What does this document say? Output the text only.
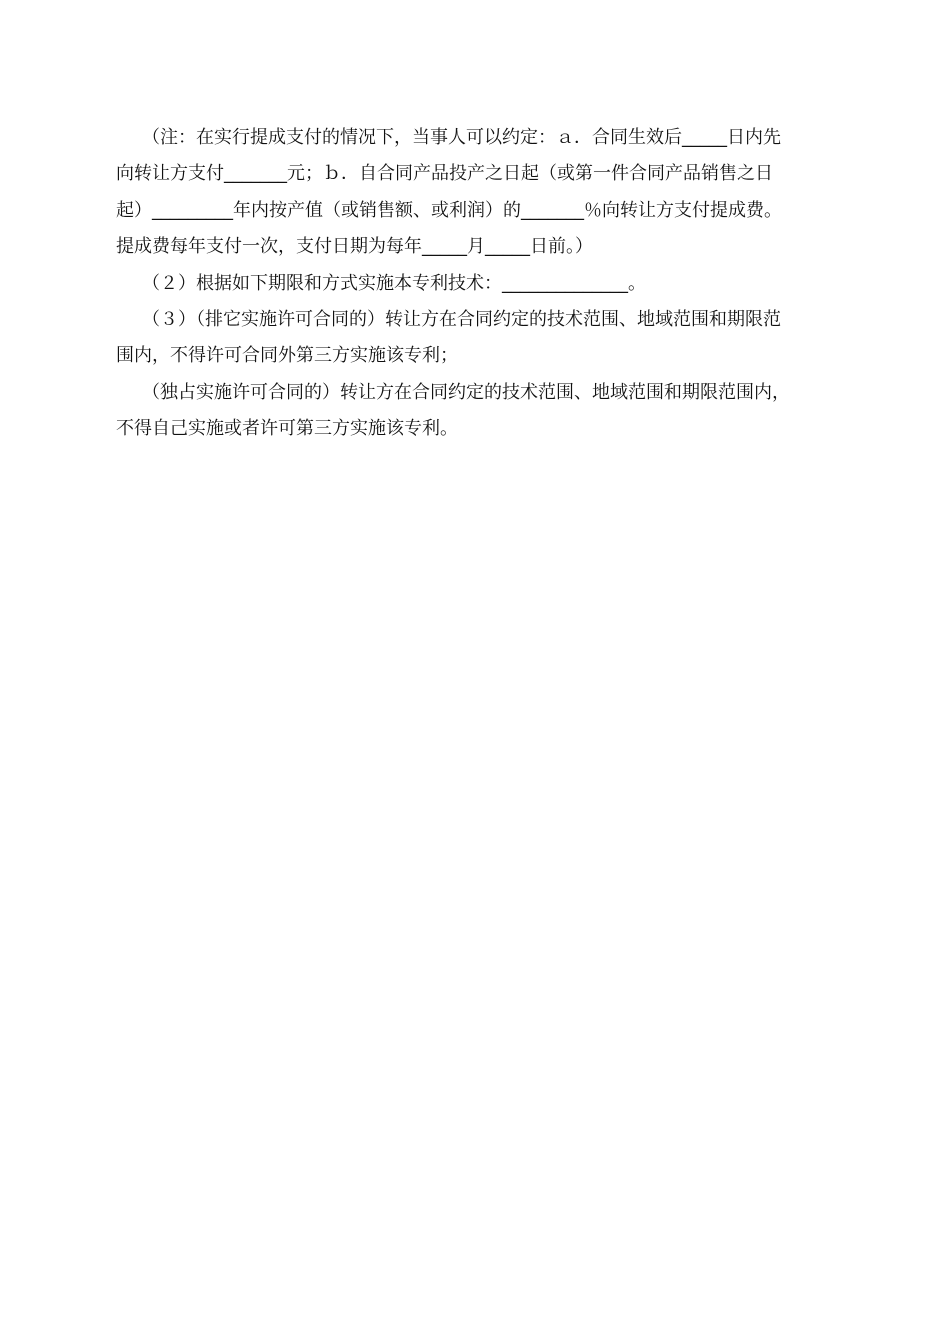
（注：在实行提成支付的情况下，当事人可以约定：ａ．合同生效后_____日内先
向转让方支付_______元；ｂ．自合同产品投产之日起（或第一件合同产品销售之日
起）_________年内按产值（或销售额、或利润）的_______％向转让方支付提成费。
提成费每年支付一次，支付日期为每年_____月_____日前。）
（２）根据如下期限和方式实施本专利技术：______________。
（３）（排它实施许可合同的）转让方在合同约定的技术范围、地域范围和期限范
围内，不得许可合同外第三方实施该专利；
（独占实施许可合同的）转让方在合同约定的技术范围、地域范围和期限范围内，
不得自己实施或者许可第三方实施该专利。
